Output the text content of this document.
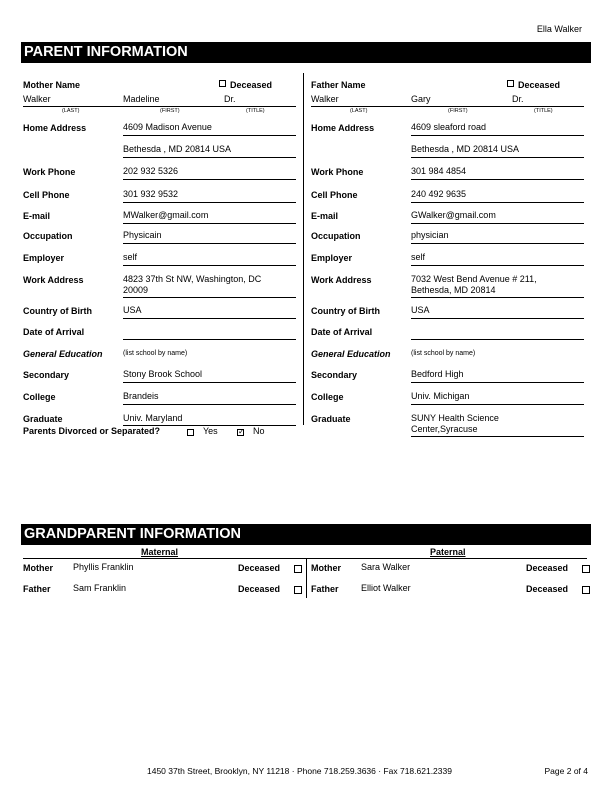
Ella Walker
PARENT INFORMATION
Mother Name	Deceased
Walker	Madeline	Dr.
(LAST)	(FIRST)	(TITLE)
Home Address	4609 Madison Avenue
Bethesda , MD 20814 USA
Work Phone	202 932 5326
Cell Phone	301 932 9532
E-mail	MWalker@gmail.com
Occupation	Physicain
Employer	self
Work Address	4823 37th St NW, Washington, DC
20009
Country of Birth	USA
Date of Arrival
General Education	(list school by name)
Secondary	Stony Brook School
College	Brandeis
Graduate	Univ. Maryland
Parents Divorced or Separated?	Yes
✓	No
Father Name	Deceased
Walker	Gary	Dr.
(LAST)	(FIRST)	(TITLE)
Home Address	4609 sleaford road
Bethesda , MD 20814 USA
Work Phone	301 984 4854
Cell Phone	240 492 9635
E-mail	GWalker@gmail.com
Occupation	physician
Employer	self
Work Address	7032 West Bend Avenue # 211,
Bethesda, MD 20814
Country of Birth	USA
Date of Arrival
General Education	(list school by name)
Secondary	Bedford High
College	Univ. Michigan
Graduate	SUNY Health Science
Center,Syracuse
GRANDPARENT INFORMATION
Maternal	Paternal
Mother Phyllis Franklin	Deceased
Father Sam Franklin	Deceased
Mother Sara Walker	Deceased
Father Elliot Walker	Deceased
1450 37th Street, Brooklyn, NY 11218 · Phone 718.259.3636 · Fax 718.621.2339	Page 2 of 4
